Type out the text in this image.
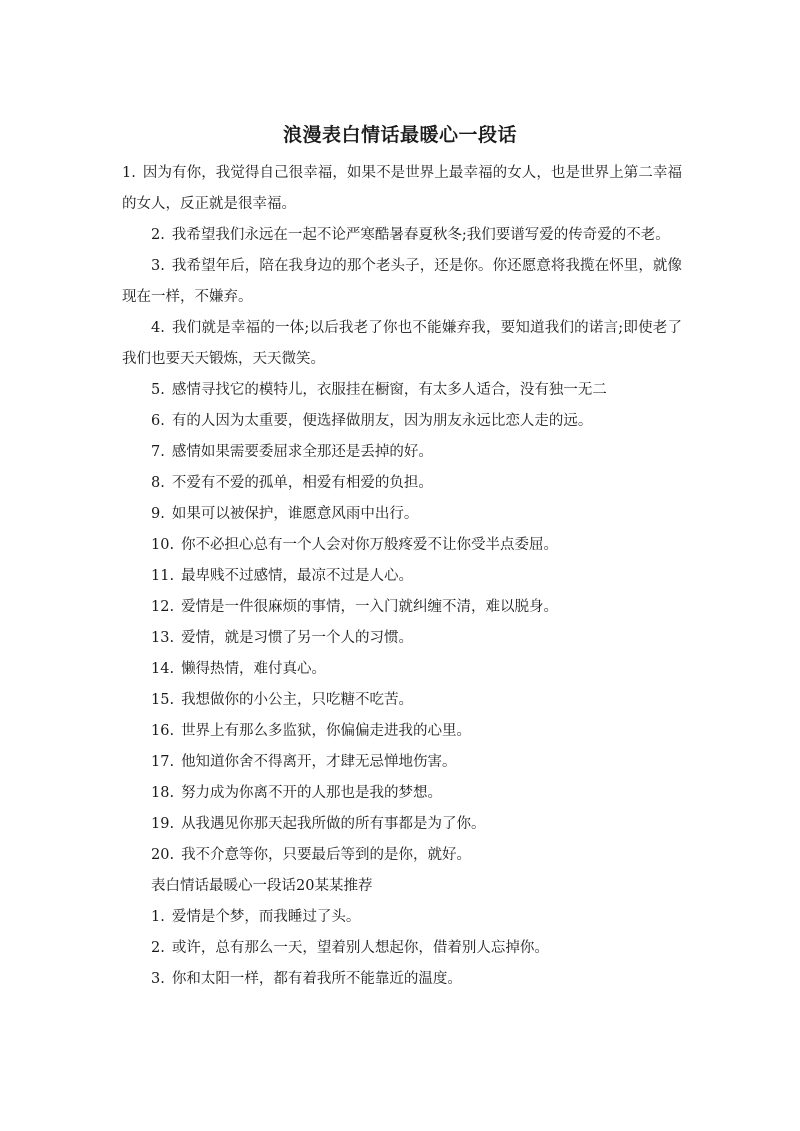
浪漫表白情话最暖心一段话

1. 因为有你，我觉得自己很幸福，如果不是世界上最幸福的女人，也是世界上第二幸福的女人，反正就是很幸福。

2. 我希望我们永远在一起不论严寒酷暑春夏秋冬;我们要谱写爱的传奇爱的不老。

3. 我希望年后，陪在我身边的那个老头子，还是你。你还愿意将我揽在怀里，就像现在一样，不嫌弃。

4. 我们就是幸福的一体;以后我老了你也不能嫌弃我，要知道我们的诺言;即使老了我们也要天天锻炼，天天微笑。

5. 感情寻找它的模特儿，衣服挂在橱窗，有太多人适合，没有独一无二

6. 有的人因为太重要，便选择做朋友，因为朋友永远比恋人走的远。

7. 感情如果需要委屈求全那还是丢掉的好。

8. 不爱有不爱的孤单，相爱有相爱的负担。

9. 如果可以被保护，谁愿意风雨中出行。

10. 你不必担心总有一个人会对你万般疼爱不让你受半点委屈。

11. 最卑贱不过感情，最凉不过是人心。

12. 爱情是一件很麻烦的事情，一入门就纠缠不清，难以脱身。

13. 爱情，就是习惯了另一个人的习惯。

14. 懒得热情，难付真心。

15. 我想做你的小公主，只吃糖不吃苦。

16. 世界上有那么多监狱，你偏偏走进我的心里。

17. 他知道你舍不得离开，才肆无忌惮地伤害。

18. 努力成为你离不开的人那也是我的梦想。

19. 从我遇见你那天起我所做的所有事都是为了你。

20. 我不介意等你，只要最后等到的是你，就好。

表白情话最暖心一段话20某某推荐

1. 爱情是个梦，而我睡过了头。

2. 或许，总有那么一天，望着别人想起你，借着别人忘掉你。

3. 你和太阳一样，都有着我所不能靠近的温度。
